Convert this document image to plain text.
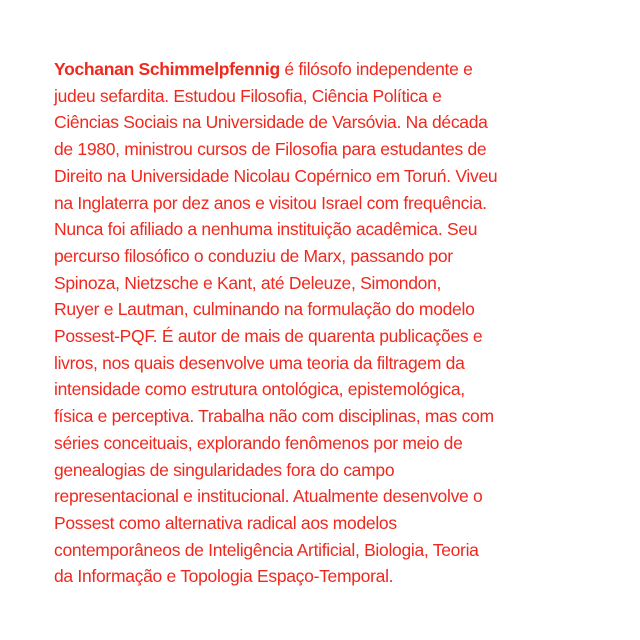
Yochanan Schimmelpfennig é filósofo independente e
judeu sefardita. Estudou Filosofia, Ciência Política e
Ciências Sociais na Universidade de Varsóvia. Na década
de 1980, ministrou cursos de Filosofia para estudantes de
Direito na Universidade Nicolau Copérnico em Toruń. Viveu
na Inglaterra por dez anos e visitou Israel com frequência.
Nunca foi afiliado a nenhuma instituição acadêmica. Seu
percurso filosófico o conduziu de Marx, passando por
Spinoza, Nietzsche e Kant, até Deleuze, Simondon,
Ruyer e Lautman, culminando na formulação do modelo
Possest-PQF. É autor de mais de quarenta publicações e
livros, nos quais desenvolve uma teoria da filtragem da
intensidade como estrutura ontológica, epistemológica,
física e perceptiva. Trabalha não com disciplinas, mas com
séries conceituais, explorando fenômenos por meio de
genealogias de singularidades fora do campo
representacional e institucional. Atualmente desenvolve o
Possest como alternativa radical aos modelos
contemporâneos de Inteligência Artificial, Biologia, Teoria
da Informação e Topologia Espaço-Temporal.
